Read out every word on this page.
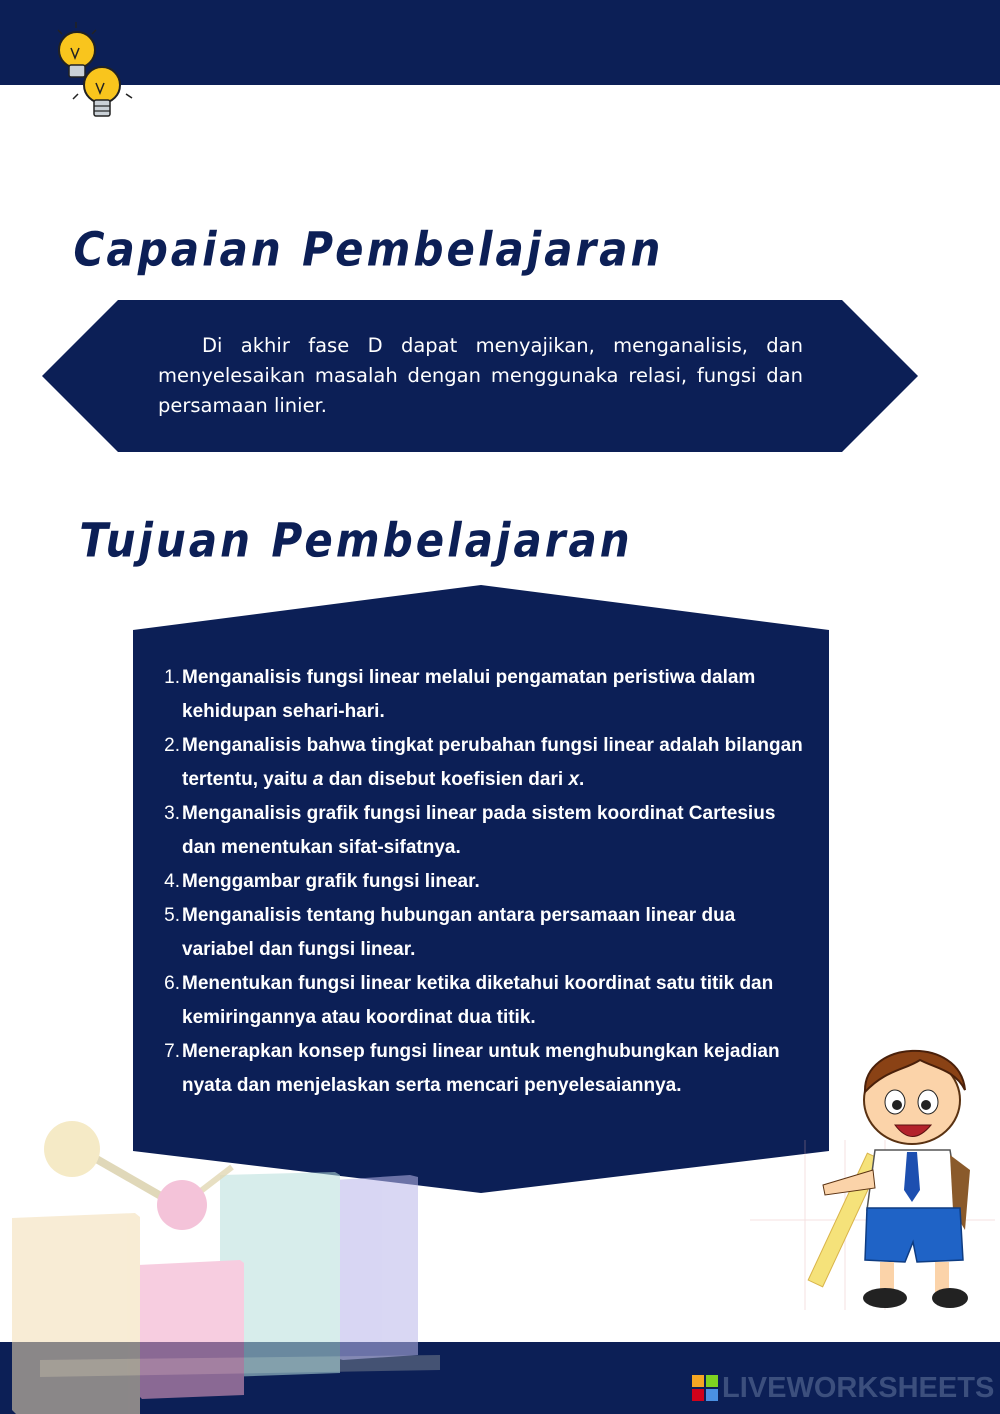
Capaian Pembelajaran

Di akhir fase D dapat menyajikan, menganalisis, dan menyelesaikan masalah dengan menggunaka relasi, fungsi dan persamaan linier.

Tujuan Pembelajaran
1. Menganalisis fungsi linear melalui pengamatan peristiwa dalam kehidupan sehari-hari.
2. Menganalisis bahwa tingkat perubahan fungsi linear adalah bilangan tertentu, yaitu a dan disebut koefisien dari x.
3. Menganalisis grafik fungsi linear pada sistem koordinat Cartesius dan menentukan sifat-sifatnya.
4. Menggambar grafik fungsi linear.
5. Menganalisis tentang hubungan antara persamaan linear dua variabel dan fungsi linear.
6. Menentukan fungsi linear ketika diketahui koordinat satu titik dan kemiringannya atau koordinat dua titik.
7. Menerapkan konsep fungsi linear untuk menghubungkan kejadian nyata dan menjelaskan serta mencari penyelesaiannya.
LIVEWORKSHEETS
